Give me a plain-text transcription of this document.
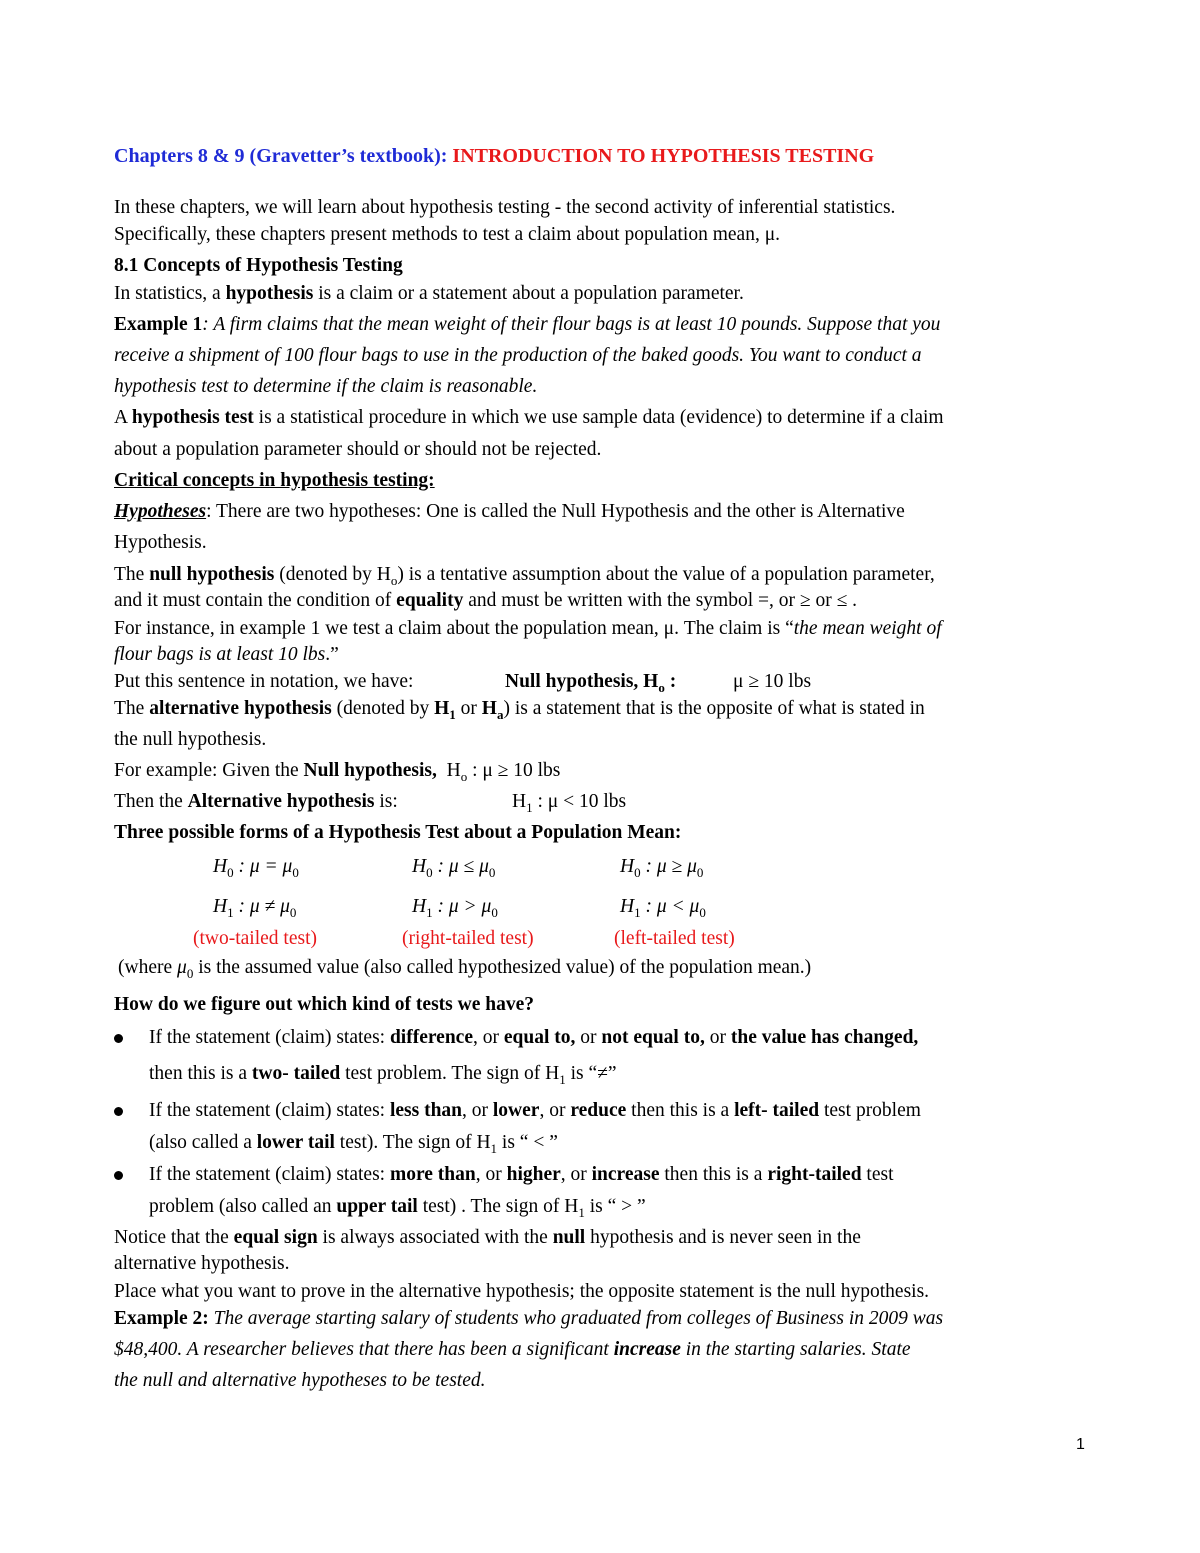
Chapters 8 & 9 (Gravetter’s textbook): INTRODUCTION TO HYPOTHESIS TESTING
In these chapters, we will learn about hypothesis testing - the second activity of inferential statistics.
Specifically, these chapters present methods to test a claim about population mean, μ.
8.1 Concepts of Hypothesis Testing
In statistics, a hypothesis is a claim or a statement about a population parameter.
Example 1: A firm claims that the mean weight of their flour bags is at least 10 pounds. Suppose that you
receive a shipment of 100 flour bags to use in the production of the baked goods. You want to conduct a
hypothesis test to determine if the claim is reasonable.
A hypothesis test is a statistical procedure in which we use sample data (evidence) to determine if a claim
about a population parameter should or should not be rejected.
Critical concepts in hypothesis testing:
Hypotheses: There are two hypotheses: One is called the Null Hypothesis and the other is Alternative
Hypothesis.
The null hypothesis (denoted by $H_o$) is a tentative assumption about the value of a population parameter,
and it must contain the condition of equality and must be written with the symbol =, or ≥ or ≤ .
For instance, in example 1 we test a claim about the population mean, μ. The claim is “the mean weight of
flour bags is at least 10 lbs.”
Put this sentence in notation, we have:	Null hypothesis, $H_o$ :	μ ≥ 10 lbs
The alternative hypothesis (denoted by $H_1$ or $H_a$) is a statement that is the opposite of what is stated in
the null hypothesis.
For example: Given the Null hypothesis, $H_o$ : μ ≥ 10 lbs
Then the Alternative hypothesis is:	$H_1$ : μ < 10 lbs
Three possible forms of a Hypothesis Test about a Population Mean:
$H_0$ : $\mu = \mu_0$	$H_0$ : $\mu \le \mu_0$	$H_0$ : $\mu \ge \mu_0$
$H_1$ : $\mu \ne \mu_0$	$H_1$ : $\mu > \mu_0$	$H_1$ : $\mu < \mu_0$
(two-tailed test)	(right-tailed test)	(left-tailed test)
(where $\mu_0$ is the assumed value (also called hypothesized value) of the population mean.)
How do we figure out which kind of tests we have?
If the statement (claim) states: difference, or equal to, or not equal to, or the value has changed,
then this is a two- tailed test problem. The sign of $H_1$ is “≠”
If the statement (claim) states: less than, or lower, or reduce then this is a left- tailed test problem
(also called a lower tail test). The sign of $H_1$ is “ < ”
If the statement (claim) states: more than, or higher, or increase then this is a right-tailed test
problem (also called an upper tail test) . The sign of $H_1$ is “ > ”
Notice that the equal sign is always associated with the null hypothesis and is never seen in the
alternative hypothesis.
Place what you want to prove in the alternative hypothesis; the opposite statement is the null hypothesis.
Example 2: The average starting salary of students who graduated from colleges of Business in 2009 was
$48,400. A researcher believes that there has been a significant increase in the starting salaries. State
the null and alternative hypotheses to be tested.
1
